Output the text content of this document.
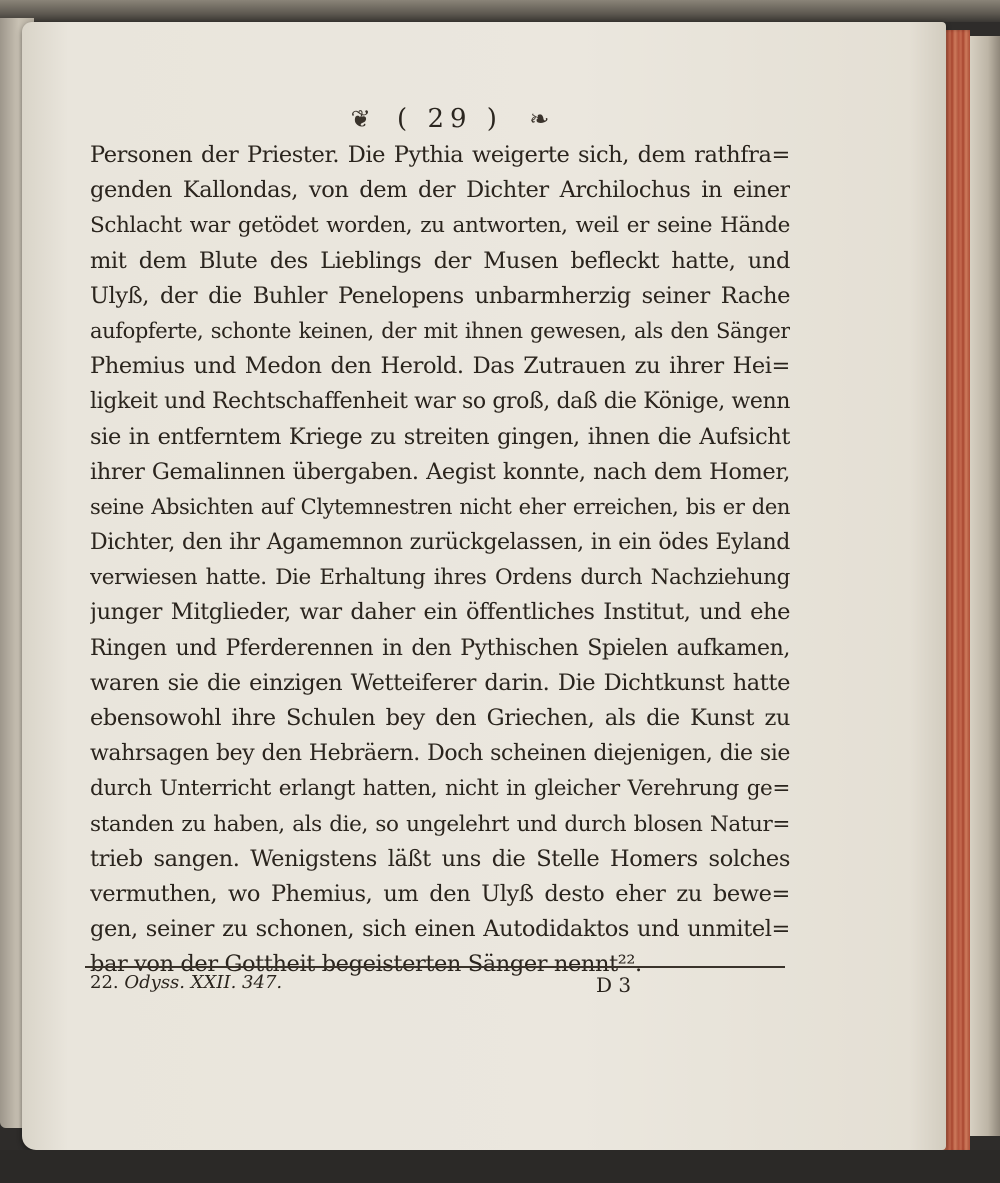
❦ ( 29 ) ❧
Personen der Priester. Die Pythia weigerte sich, dem rathfra=
genden Kallondas, von dem der Dichter Archilochus in einer
Schlacht war getödet worden, zu antworten, weil er seine Hände
mit dem Blute des Lieblings der Musen befleckt hatte, und
Ulyß, der die Buhler Penelopens unbarmherzig seiner Rache
aufopferte, schonte keinen, der mit ihnen gewesen, als den Sänger
Phemius und Medon den Herold. Das Zutrauen zu ihrer Hei=
ligkeit und Rechtschaffenheit war so groß, daß die Könige, wenn
sie in entferntem Kriege zu streiten gingen, ihnen die Aufsicht
ihrer Gemalinnen übergaben. Aegist konnte, nach dem Homer,
seine Absichten auf Clytemnestren nicht eher erreichen, bis er den
Dichter, den ihr Agamemnon zurückgelassen, in ein ödes Eyland
verwiesen hatte. Die Erhaltung ihres Ordens durch Nachziehung
junger Mitglieder, war daher ein öffentliches Institut, und ehe
Ringen und Pferderennen in den Pythischen Spielen aufkamen,
waren sie die einzigen Wetteiferer darin. Die Dichtkunst hatte
ebensowohl ihre Schulen bey den Griechen, als die Kunst zu
wahrsagen bey den Hebräern. Doch scheinen diejenigen, die sie
durch Unterricht erlangt hatten, nicht in gleicher Verehrung ge=
standen zu haben, als die, so ungelehrt und durch blosen Natur=
trieb sangen. Wenigstens läßt uns die Stelle Homers solches
vermuthen, wo Phemius, um den Ulyß desto eher zu bewe=
gen, seiner zu schonen, sich einen Autodidaktos und unmitel=
bar von der Gottheit begeisterten Sänger nennt²².
22. Odyss. XXII. 347.	D 3
